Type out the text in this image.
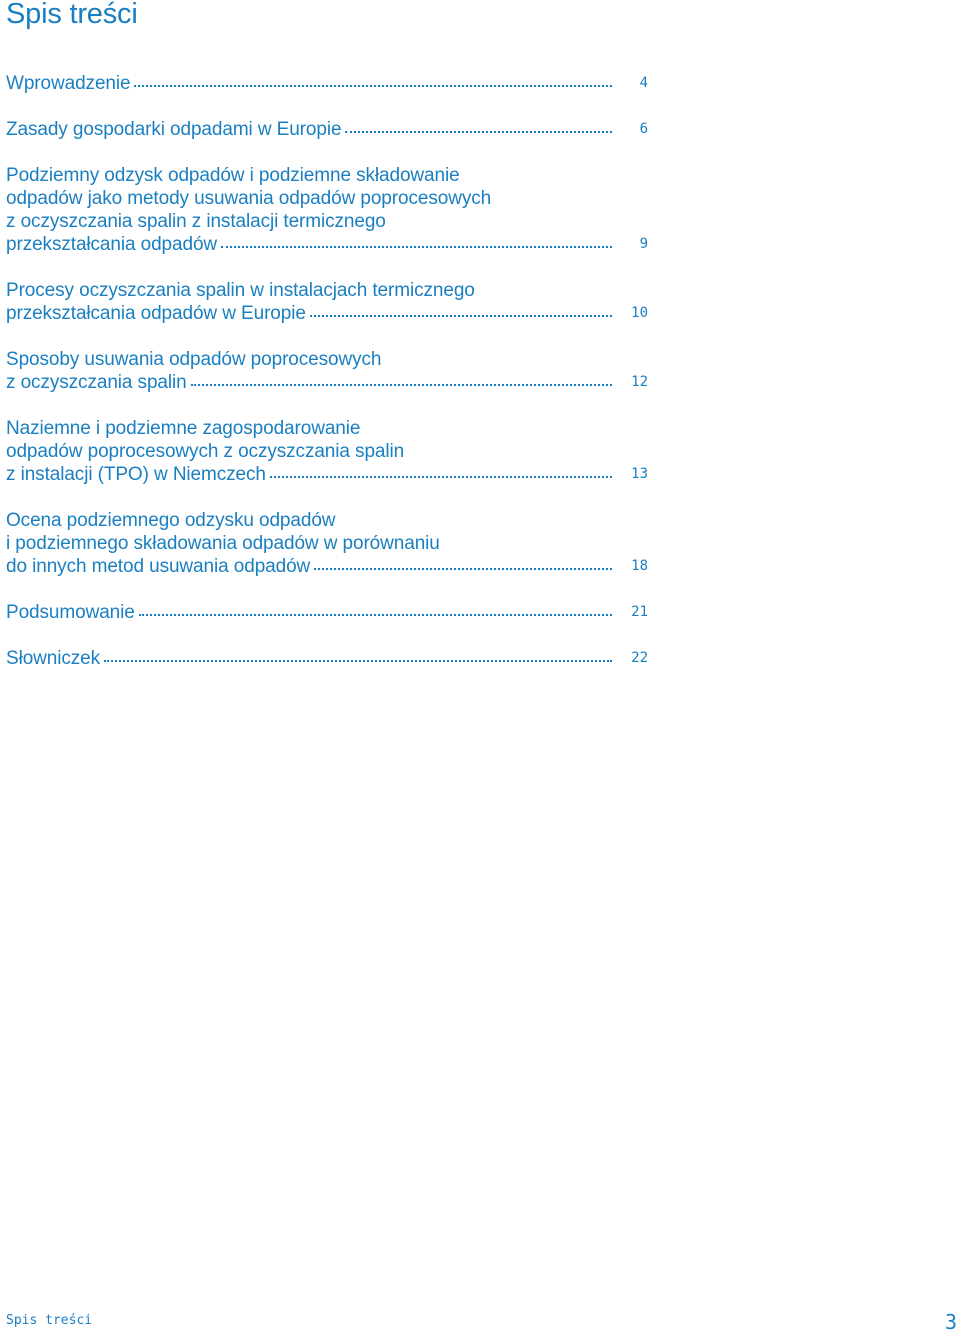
Spis treści
Wprowadzenie	4
Zasady gospodarki odpadami w Europie	6
Podziemny odzysk odpadów i podziemne składowanie
odpadów jako metody usuwania odpadów poprocesowych
z oczyszczania spalin z instalacji termicznego
przekształcania odpadów	9
Procesy oczyszczania spalin w instalacjach termicznego
przekształcania odpadów w Europie	10
Sposoby usuwania odpadów poprocesowych
z oczyszczania spalin	12
Naziemne i podziemne zagospodarowanie
odpadów poprocesowych z oczyszczania spalin
z instalacji (TPO) w Niemczech	13
Ocena podziemnego odzysku odpadów
i podziemnego składowania odpadów w porównaniu
do innych metod usuwania odpadów	18
Podsumowanie	21
Słowniczek	22
Spis treści	3
